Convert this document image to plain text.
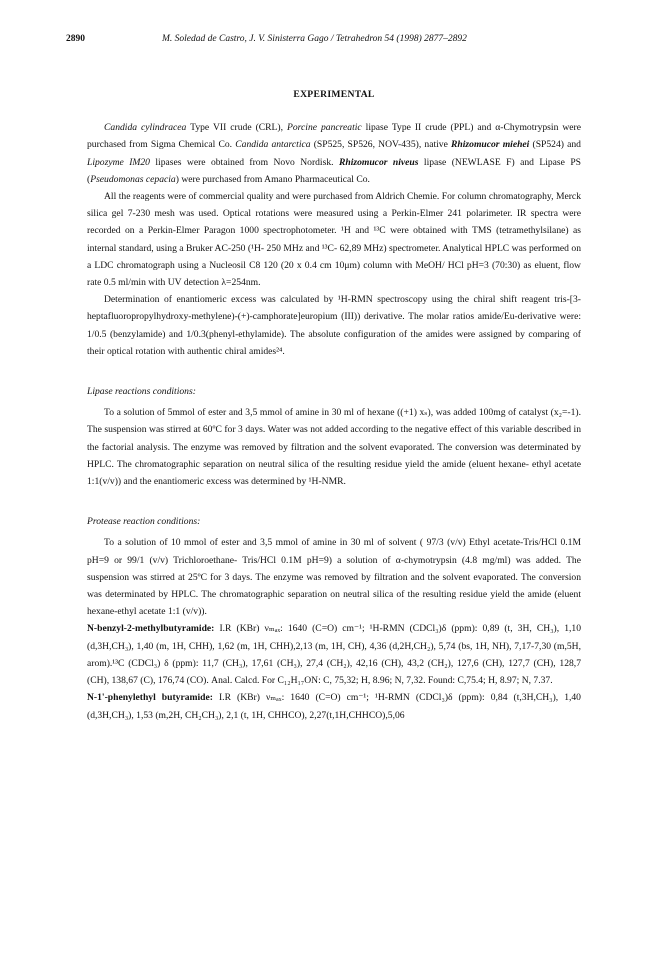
2890	M. Soledad de Castro, J. V. Sinisterra Gago / Tetrahedron 54 (1998) 2877–2892
EXPERIMENTAL

Candida cylindracea Type VII crude (CRL), Porcine pancreatic lipase Type II crude (PPL) and α-Chymotrypsin were purchased from Sigma Chemical Co. Candida antarctica (SP525, SP526, NOV-435), native Rhizomucor miehei (SP524) and Lipozyme IM20 lipases were obtained from Novo Nordisk. Rhizomucor niveus lipase (NEWLASE F) and Lipase PS (Pseudomonas cepacia) were purchased from Amano Pharmaceutical Co.

All the reagents were of commercial quality and were purchased from Aldrich Chemie. For column chromatography, Merck silica gel 7-230 mesh was used. Optical rotations were measured using a Perkin-Elmer 241 polarimeter. IR spectra were recorded on a Perkin-Elmer Paragon 1000 spectrophotometer. ¹H and ¹³C were obtained with TMS (tetramethylsilane) as internal standard, using a Bruker AC-250 (¹H- 250 MHz and ¹³C- 62,89 MHz) spectrometer. Analytical HPLC was performed on a LDC chromatograph using a Nucleosil C8 120 (20 x 0.4 cm 10μm) column with MeOH/ HCl pH=3 (70:30) as eluent, flow rate 0.5 ml/min with UV detection λ=254nm.

Determination of enantiomeric excess was calculated by ¹H-RMN spectroscopy using the chiral shift reagent tris-[3-heptafluoropropylhydroxy-methylene)-(+)-camphorate]europium (III)) derivative. The molar ratios amide/Eu-derivative were: 1/0.5 (benzylamide) and 1/0.3(phenyl-ethylamide). The absolute configuration of the amides were assigned by comparing of their optical rotation with authentic chiral amides²⁴.

Lipase reactions conditions:

To a solution of 5mmol of ester and 3,5 mmol of amine in 30 ml of hexane ((+1) xₛ), was added 100mg of catalyst (x₂=-1). The suspension was stirred at 60ºC for 3 days. Water was not added according to the negative effect of this variable described in the factorial analysis. The enzyme was removed by filtration and the solvent evaporated. The conversion was determinated by HPLC. The chromatographic separation on neutral silica of the resulting residue yield the amide (eluent hexane- ethyl acetate 1:1(v/v)) and the enantiomeric excess was determined by ¹H-NMR.

Protease reaction conditions:

To a solution of 10 mmol of ester and 3,5 mmol of amine in 30 ml of solvent ( 97/3 (v/v) Ethyl acetate-Tris/HCl 0.1M pH=9 or 99/1 (v/v) Trichloroethane- Tris/HCl 0.1M pH=9) a solution of α-chymotrypsin (4.8 mg/ml) was added. The suspension was stirred at 25ºC for 3 days. The enzyme was removed by filtration and the solvent evaporated. The conversion was determinated by HPLC. The chromatographic separation on neutral silica of the resulting residue yield the amide (eluent hexane-ethyl acetate 1:1 (v/v)).

N-benzyl-2-methylbutyramide: I.R (KBr) νₘₐₓ: 1640 (C=O) cm⁻¹; ¹H-RMN (CDCl₃)δ (ppm): 0,89 (t, 3H, CH₃), 1,10 (d,3H,CH₃), 1,40 (m, 1H, CHH), 1,62 (m, 1H, CHH),2,13 (m, 1H, CH), 4,36 (d,2H,CH₂), 5,74 (bs, 1H, NH), 7,17-7,30 (m,5H, arom).¹³C (CDCl₃) δ (ppm): 11,7 (CH₃), 17,61 (CH₃), 27,4 (CH₂), 42,16 (CH), 43,2 (CH₂), 127,6 (CH), 127,7 (CH), 128,7 (CH), 138,67 (C), 176,74 (CO). Anal. Calcd. For C₁₂H₁₇ON: C, 75,32; H, 8.96; N, 7,32. Found: C,75.4; H, 8.97; N, 7.37.

N-1'-phenylethyl butyramide: I.R (KBr) νₘₐₓ: 1640 (C=O) cm⁻¹; ¹H-RMN (CDCl₃)δ (ppm): 0,84 (t,3H,CH₃), 1,40 (d,3H,CH₃), 1,53 (m,2H, CH₂CH₃), 2,1 (t, 1H, CHHCO), 2,27(t,1H,CHHCO),5,06
